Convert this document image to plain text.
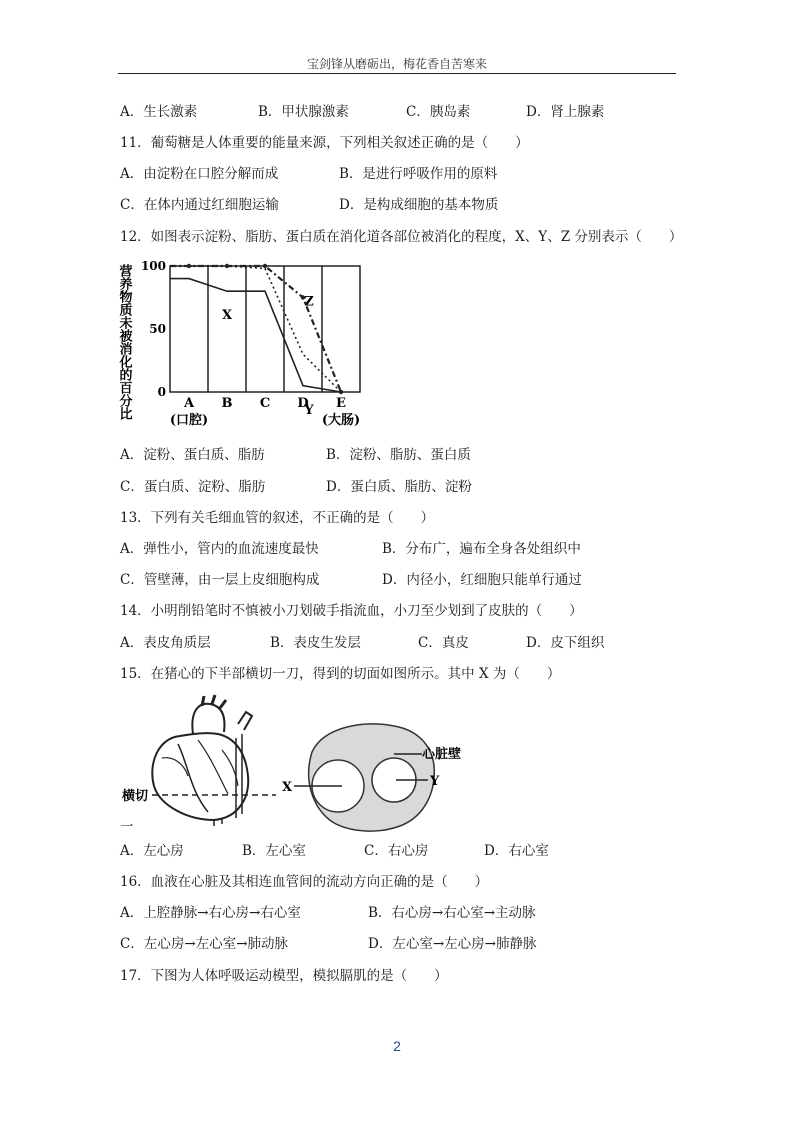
宝剑锋从磨砺出，梅花香自苦寒来
A．生长激素	B．甲状腺激素	C．胰岛素	D．肾上腺素
11．葡萄糖是人体重要的能量来源，下列相关叙述正确的是（　　）
A．由淀粉在口腔分解而成	B．是进行呼吸作用的原料
C．在体内通过红细胞运输	D．是构成细胞的基本物质
12．如图表示淀粉、脂肪、蛋白质在消化道各部位被消化的程度，X、Y、Z 分别表示（　　）
营养物质未被消化的百分比 100
50
0
A
(口腔)
B C D E
(大肠)
X
Y
Z
A．淀粉、蛋白质、脂肪	B．淀粉、脂肪、蛋白质
C．蛋白质、淀粉、脂肪	D．蛋白质、脂肪、淀粉
13．下列有关毛细血管的叙述，不正确的是（　　）
A．弹性小，管内的血流速度最快	B．分布广，遍布全身各处组织中
C．管壁薄，由一层上皮细胞构成	D．内径小，红细胞只能单行通过
14．小明削铅笔时不慎被小刀划破手指流血，小刀至少划到了皮肤的（　　）
A．表皮角质层	B．表皮生发层	C．真皮	D．皮下组织
15．在猪心的下半部横切一刀，得到的切面如图所示。其中 X 为（　　）
横切
一
心脏壁
X	Y
A．左心房	B．左心室	C．右心房	D．右心室
16．血液在心脏及其相连血管间的流动方向正确的是（　　）
A．上腔静脉→右心房→右心室	B．右心房→右心室→主动脉
C．左心房→左心室→肺动脉	D．左心室→左心房→肺静脉
17．下图为人体呼吸运动模型，模拟膈肌的是（　　）
2
